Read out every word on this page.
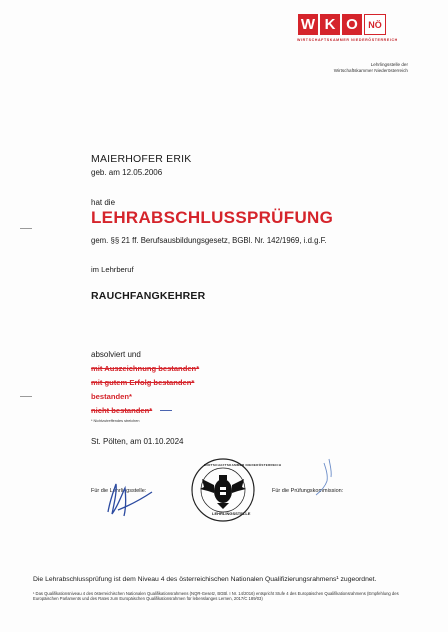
W K O	NÖ
WIRTSCHAFTSKAMMER NIEDERÖSTERREICH
Lehrlingsstelle der
Wirtschaftskammer Niederösterreich
MAIERHOFER ERIK
geb. am 12.05.2006
hat die
LEHRABSCHLUSSPRÜFUNG
gem. §§ 21 ff. Berufsausbildungsgesetz, BGBl. Nr. 142/1969, i.d.g.F.
im Lehrberuf
RAUCHFANGKEHRER
absolviert und
mit Auszeichnung bestanden*
mit gutem Erfolg bestanden*
bestanden*
nicht bestanden*
* Nichtzutreffendes streichen
St. Pölten, am 01.10.2024
Für die Lehrlingsstelle:	Für die Prüfungskommission:
WIRTSCHAFTSKAMMER NIEDERÖSTERREICH
LEHRLINGSSTELLE
Die Lehrabschlussprüfung ist dem Niveau 4 des österreichischen Nationalen Qualifizierungsrahmens¹ zugeordnet.
¹ Das Qualifikationsniveau 4 des österreichischen Nationalen Qualifikationsrahmens (NQR-Gesetz, BGBl. I Nr. 14/2016) entspricht Stufe 4 des Europäischen Qualifikationsrahmens (Empfehlung des Europäischen Parlaments und des Rates zum Europäischen Qualifikationsrahmen für lebenslanges Lernen, 2017/C 189/03)
